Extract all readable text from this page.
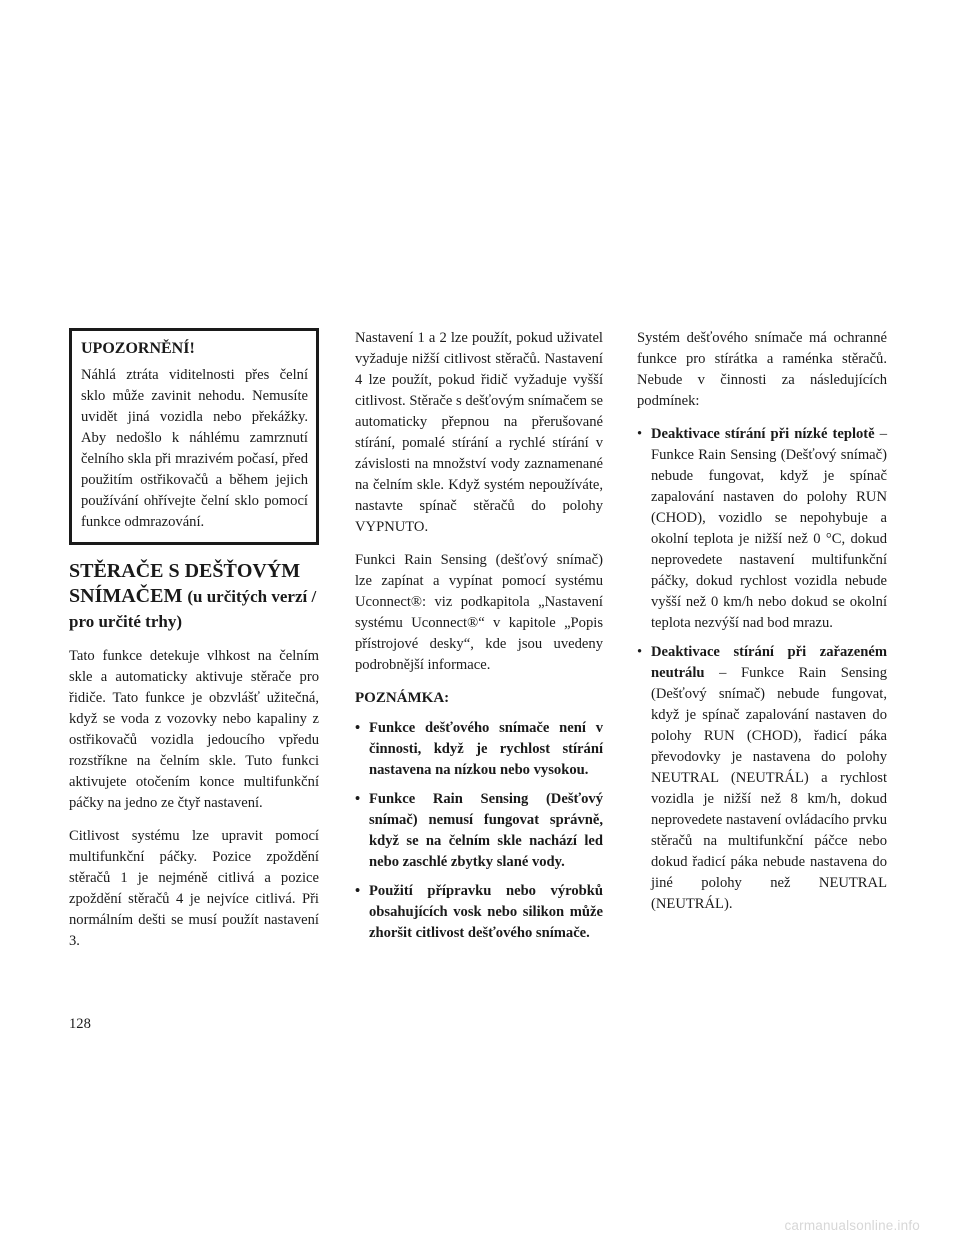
UPOZORNĚNÍ!

Náhlá ztráta viditelnosti přes čelní sklo může zavinit nehodu. Nemusíte uvidět jiná vozidla nebo překážky. Aby nedošlo k náhlému zamrznutí čelního skla při mrazivém počasí, před použitím ostřikovačů a během jejich používání ohřívejte čelní sklo pomocí funkce odmrazování.

STĚRAČE S DEŠŤOVÝM SNÍMAČEM (u určitých verzí / pro určité trhy)

Tato funkce detekuje vlhkost na čelním skle a automaticky aktivuje stěrače pro řidiče. Tato funkce je obzvlášť užitečná, když se voda z vozovky nebo kapaliny z ostřikovačů vozidla jedoucího vpředu rozstříkne na čelním skle. Tuto funkci aktivujete otočením konce multifunkční páčky na jedno ze čtyř nastavení.

Citlivost systému lze upravit pomocí multifunkční páčky. Pozice zpoždění stěračů 1 je nejméně citlivá a pozice zpoždění stěračů 4 je nejvíce citlivá. Při normálním dešti se musí použít nastavení 3.

Nastavení 1 a 2 lze použít, pokud uživatel vyžaduje nižší citlivost stěračů. Nastavení 4 lze použít, pokud řidič vyžaduje vyšší citlivost. Stěrače s dešťovým snímačem se automaticky přepnou na přerušované stírání, pomalé stírání a rychlé stírání v závislosti na množství vody zaznamenané na čelním skle. Když systém nepoužíváte, nastavte spínač stěračů do polohy VYPNUTO.

Funkci Rain Sensing (dešťový snímač) lze zapínat a vypínat pomocí systému Uconnect®: viz podkapitola „Nastavení systému Uconnect®“ v kapitole „Popis přístrojové desky“, kde jsou uvedeny podrobnější informace.

POZNÁMKA:
• Funkce dešťového snímače není v činnosti, když je rychlost stírání nastavena na nízkou nebo vysokou.
• Funkce Rain Sensing (Dešťový snímač) nemusí fungovat správně, když se na čelním skle nachází led nebo zaschlé zbytky slané vody.
• Použití přípravku nebo výrobků obsahujících vosk nebo silikon může zhoršit citlivost dešťového snímače.

Systém dešťového snímače má ochranné funkce pro stírátka a raménka stěračů. Nebude v činnosti za následujících podmínek:

• Deaktivace stírání při nízké teplotě – Funkce Rain Sensing (Dešťový snímač) nebude fungovat, když je spínač zapalování nastaven do polohy RUN (CHOD), vozidlo se nepohybuje a okolní teplota je nižší než 0 °C, dokud neprovedete nastavení multifunkční páčky, dokud rychlost vozidla nebude vyšší než 0 km/h nebo dokud se okolní teplota nezvýší nad bod mrazu.
• Deaktivace stírání při zařazeném neutrálu – Funkce Rain Sensing (Dešťový snímač) nebude fungovat, když je spínač zapalování nastaven do polohy RUN (CHOD), řadicí páka převodovky je nastavena do polohy NEUTRAL (NEUTRÁL) a rychlost vozidla je nižší než 8 km/h, dokud neprovedete nastavení ovládacího prvku stěračů na multifunkční páčce nebo dokud řadicí páka nebude nastavena do jiné polohy než NEUTRAL (NEUTRÁL).

128

carmanualsonline.info
